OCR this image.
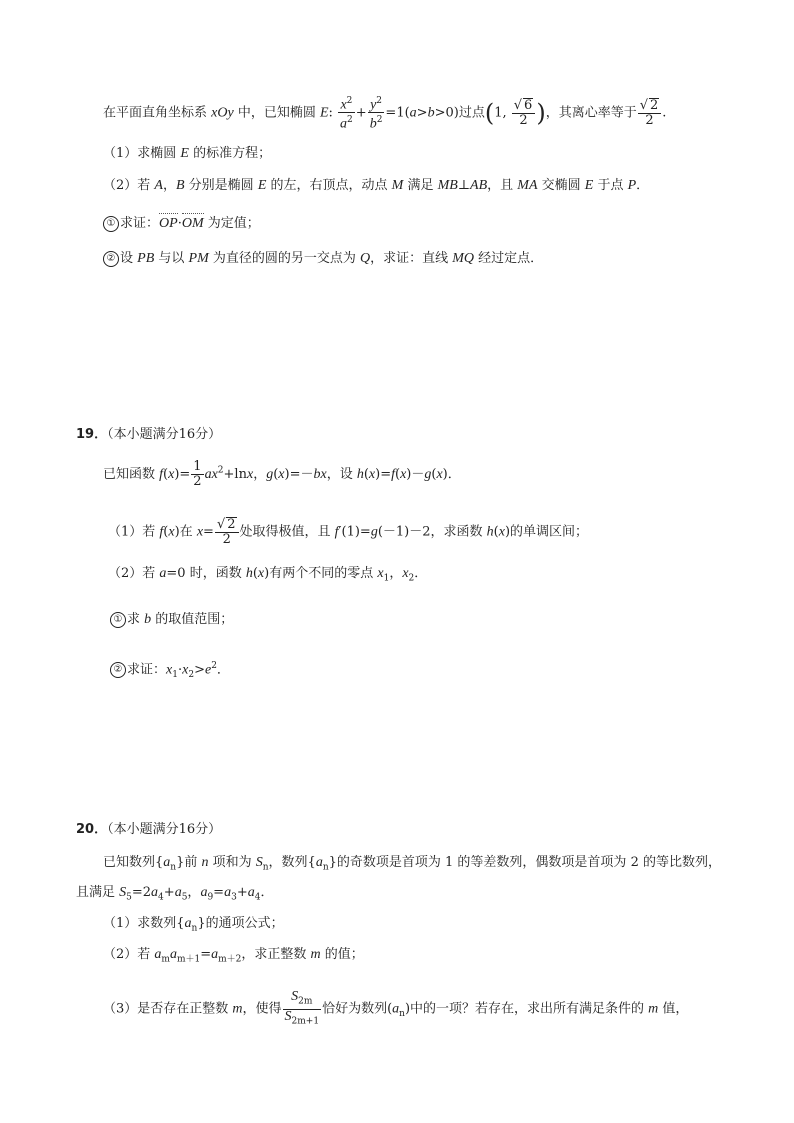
在平面直角坐标系 xOy 中，已知椭圆 E: $\frac{x^2}{a^2} + \frac{y^2}{b^2} =1(a>b>0)$过点(1, $\frac{√ 6}{2}$ )，其离心率等于 $\frac{√ 2}{2}$ .
（1）求椭圆 E 的标准方程；
（2）若 A，B 分别是椭圆 E 的左，右顶点，动点 M 满足 MB⊥AB，且 MA 交椭圆 E 于点 P．
① 求证：OP·OM 为定值；
② 设 PB 与以 PM 为直径的圆的另一交点为 Q，求证：直线 MQ 经过定点．
19．（本小题满分16分）
已知函数 $f(x)= \frac{1}{2} ax^2+\ln x$，g(x)=－bx，设 h(x)=f(x)－g(x)．
（1）若 f(x)在 $x= \frac{√ 2}{2}$ 处取得极值，且 f′(1)=g(－1)－2，求函数 h(x)的单调区间；
（2）若 a=0 时，函数 h(x)有两个不同的零点 $x_1$，$x_2$．
① 求 b 的取值范围；
② 求证：$x_1\cdot x_2>e^2$．
20．（本小题满分16分）
已知数列$\{a_n\}$前 n 项和为 $S_n$，数列$\{a_n\}$的奇数项是首项为 1 的等差数列，偶数项是首项为 2 的等比数列，
且满足 $S_5=2a_4+a_5$，$a_9=a_3+a_4$．
（1）求数列$\{a_n\}$的通项公式；
（2）若 $a_ma_{m+1}=a_{m+2}$，求正整数 m 的值；
（3）是否存在正整数 m，使得 $\frac{S_{2m}}{S_{2m+1}}$ 恰好为数列$(a_n)$中的一项？若存在，求出所有满足条件的 m 值，
